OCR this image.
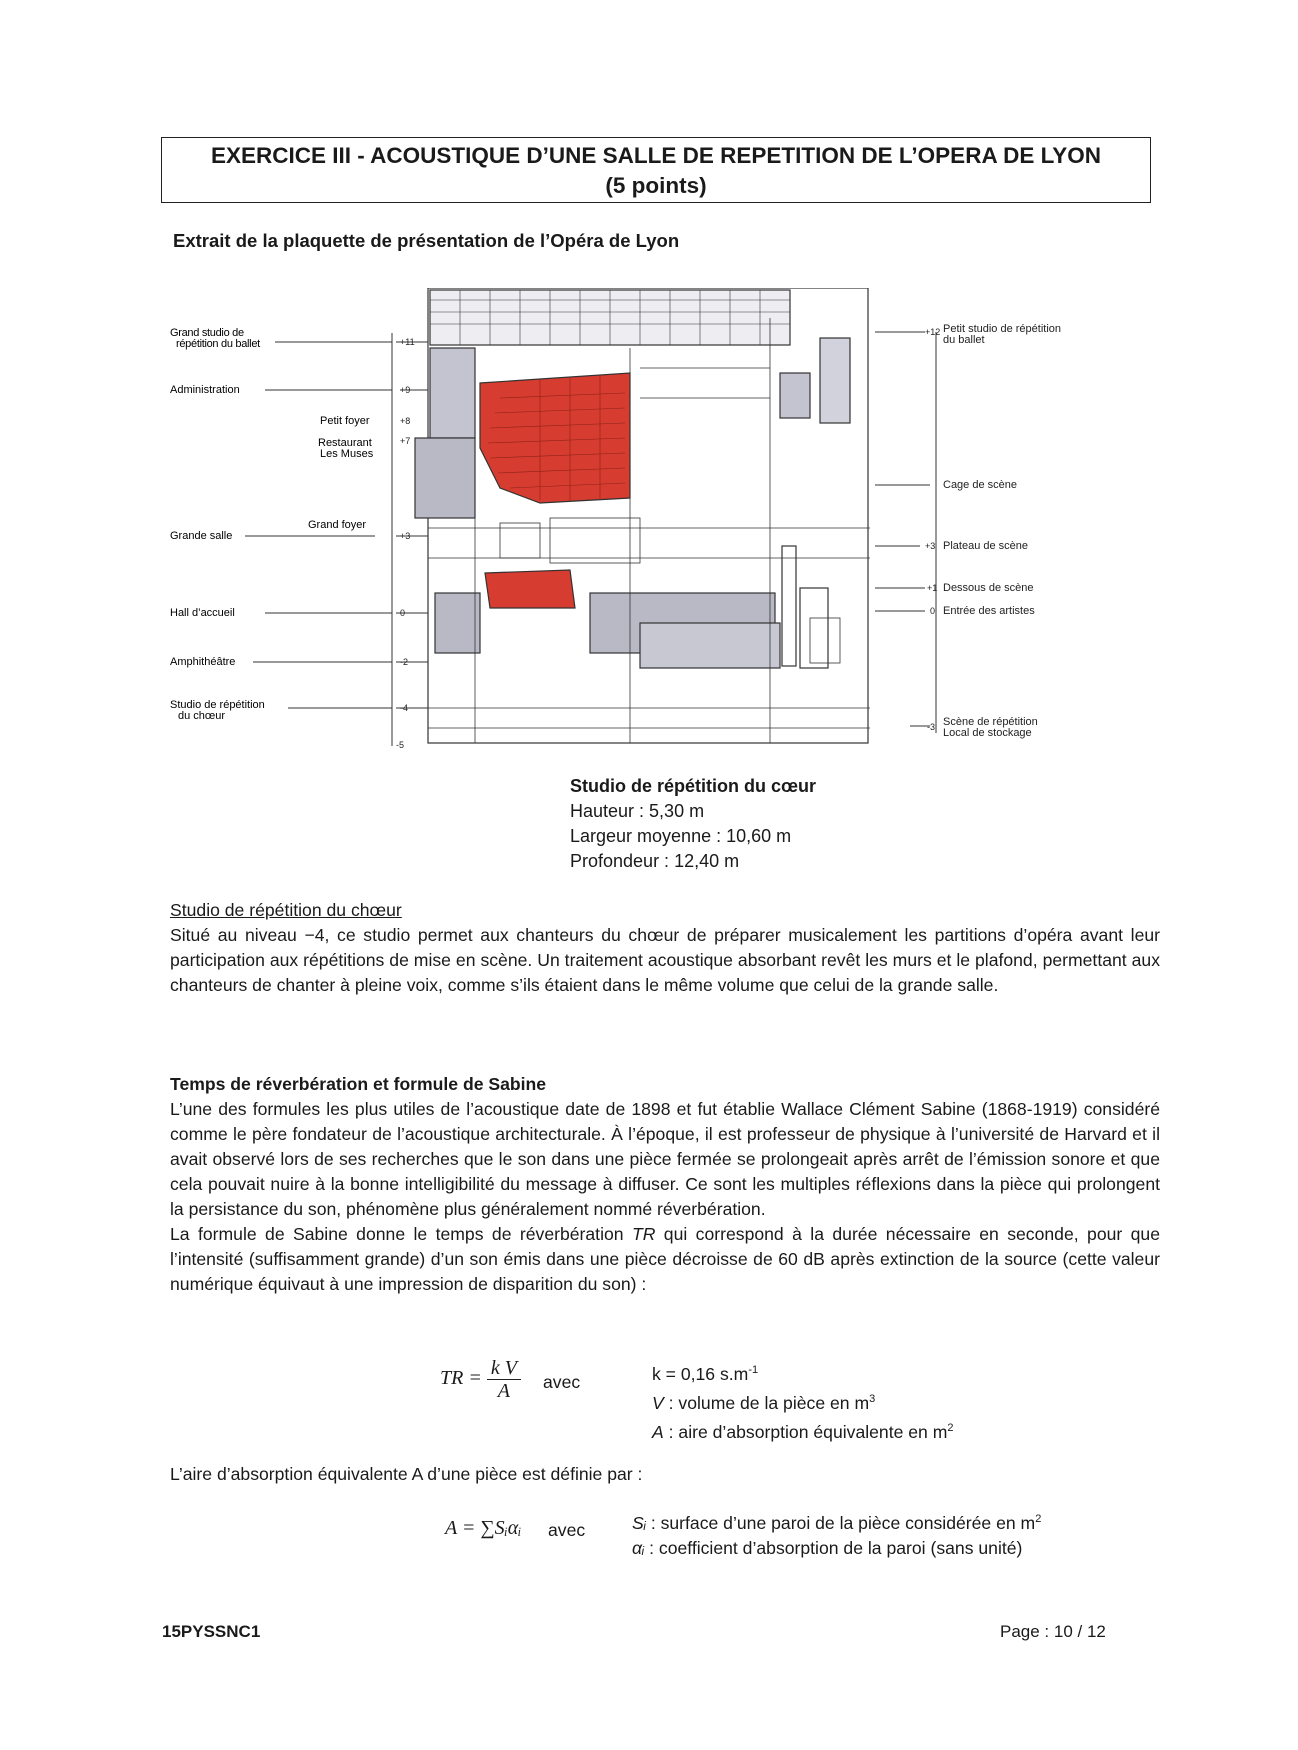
EXERCICE III - ACOUSTIQUE D’UNE SALLE DE REPETITION DE L’OPERA DE LYON
(5 points)
Extrait de la plaquette de présentation de l’Opéra de Lyon
Grand studio de
répétition du ballet
Administration
Petit foyer
Restaurant
Les Muses
Grand foyer
Grande salle
Hall d’accueil
Amphithéâtre
Studio de répétition
du chœur
+11
+9
+8
+7
+3
0
-2
-4
-5
+12 Petit studio de répétition
du ballet
Cage de scène
+3 Plateau de scène
+1 Dessous de scène
0 Entrée des artistes
Scène de répétition
-3 Local de stockage
Studio de répétition du cœur
Hauteur : 5,30 m
Largeur moyenne : 10,60 m
Profondeur : 12,40 m
Studio de répétition du chœur
Situé au niveau −4, ce studio permet aux chanteurs du chœur de préparer musicalement les partitions d’opéra avant leur participation aux répétitions de mise en scène. Un traitement acoustique absorbant revêt les murs et le plafond, permettant aux chanteurs de chanter à pleine voix, comme s’ils étaient dans le même volume que celui de la grande salle.
Temps de réverbération et formule de Sabine
L’une des formules les plus utiles de l’acoustique date de 1898 et fut établie Wallace Clément Sabine (1868-1919) considéré comme le père fondateur de l’acoustique architecturale. À l’époque, il est professeur de physique à l’université de Harvard et il avait observé lors de ses recherches que le son dans une pièce fermée se prolongeait après arrêt de l’émission sonore et que cela pouvait nuire à la bonne intelligibilité du message à diffuser. Ce sont les multiples réflexions dans la pièce qui prolongent la persistance du son, phénomène plus généralement nommé réverbération.
La formule de Sabine donne le temps de réverbération TR qui correspond à la durée nécessaire en seconde, pour que l’intensité (suffisamment grande) d’un son émis dans une pièce décroisse de 60 dB après extinction de la source (cette valeur numérique équivaut à une impression de disparition du son) :
TR = $\frac{\text{k V}}{A}$ avec	k = 0,16 $s.m^{-1}$
V : volume de la pièce en $m^3$
A : aire d’absorption équivalente en $m^2$
L’aire d’absorption équivalente A d’une pièce est définie par :
A = ∑Sᵢαᵢ avec	Sᵢ : surface d’une paroi de la pièce considérée en $m^2$
αᵢ : coefficient d’absorption de la paroi (sans unité)
15PYSSNC1	Page : 10 / 12
